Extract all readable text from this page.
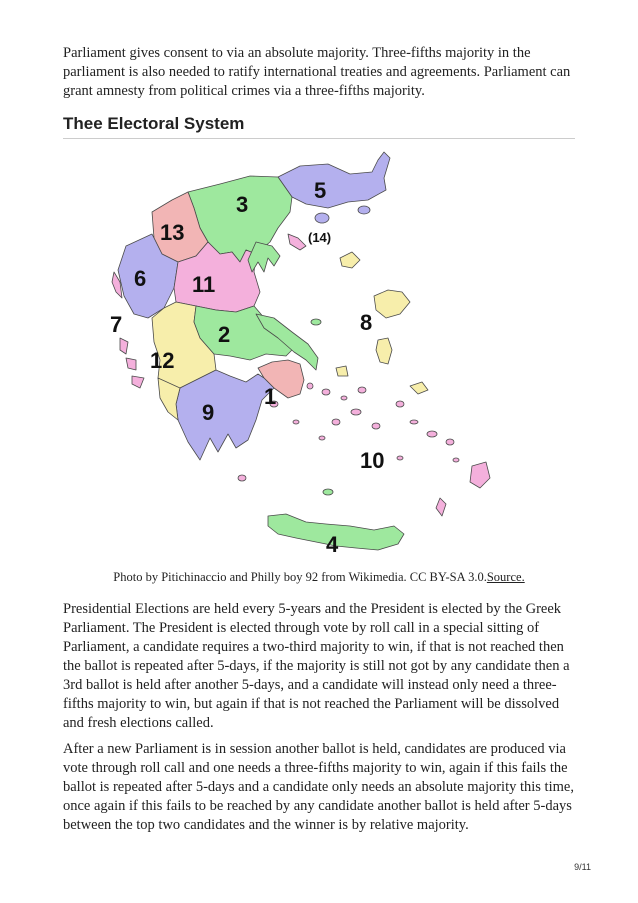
Parliament gives consent to via an absolute majority. Three-fifths majority in the parliament is also needed to ratify international treaties and agreements. Parliament can grant amnesty from political crimes via a three-fifths majority.

Thee Electoral System
5
3
13	(14)
6 11
7	8
2
12
1
9
10
4
Photo by Pitichinaccio and Philly boy 92 from Wikimedia. CC BY-SA 3.0.Source.

Presidential Elections are held every 5-years and the President is elected by the Greek Parliament. The President is elected through vote by roll call in a special sitting of Parliament, a candidate requires a two-third majority to win, if that is not reached then the ballot is repeated after 5-days, if the majority is still not got by any candidate then a 3rd ballot is held after another 5-days, and a candidate will instead only need a three-fifths majority to win, but again if that is not reached the Parliament will be dissolved and fresh elections called.

After a new Parliament is in session another ballot is held, candidates are produced via vote through roll call and one needs a three-fifths majority to win, again if this fails the ballot is repeated after 5-days and a candidate only needs an absolute majority this time, once again if this fails to be reached by any candidate another ballot is held after 5-days between the top two candidates and the winner is by relative majority.

9/11
